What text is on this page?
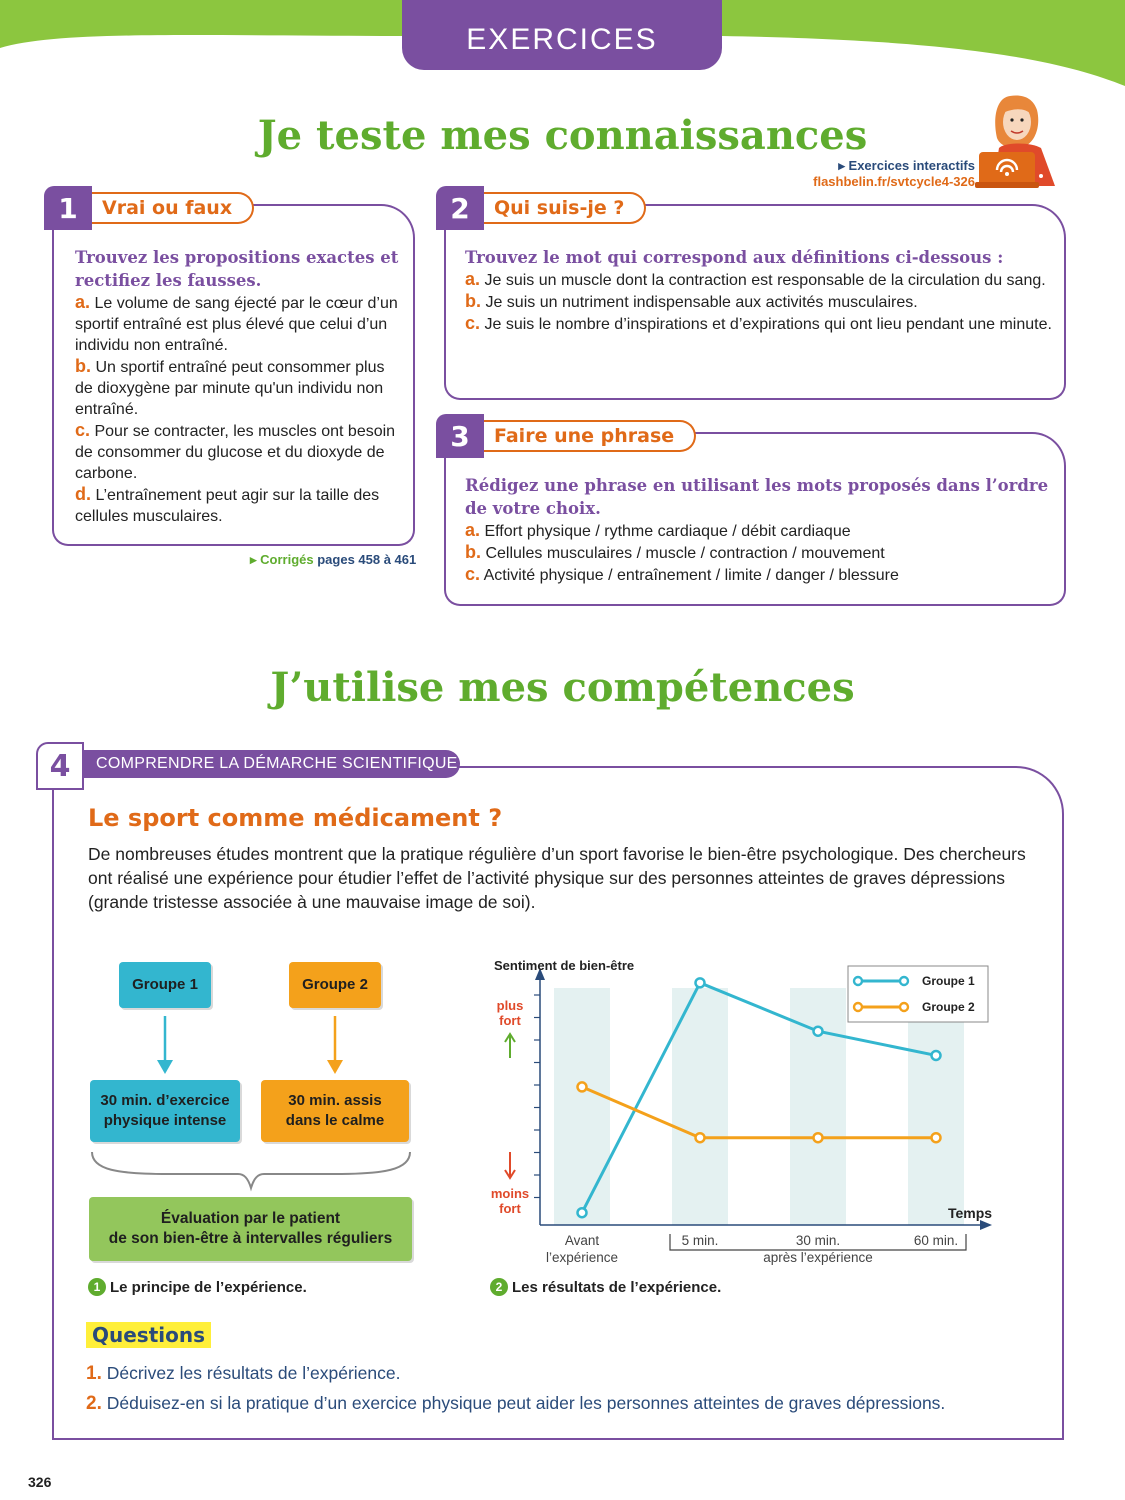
EXERCICES
Je teste mes connaissances
▸ Exercices interactifs
flashbelin.fr/svtcycle4-326
1	Vrai ou faux

Trouvez les propositions exactes et rectifiez les fausses.

a. Le volume de sang éjecté par le cœur d’un sportif entraîné est plus élevé que celui d’un individu non entraîné.

b. Un sportif entraîné peut consommer plus de dioxygène par minute qu'un individu non entraîné.

c. Pour se contracter, les muscles ont besoin de consommer du glucose et du dioxyde de carbone.

d. L’entraînement peut agir sur la taille des cellules musculaires.

▸ Corrigés pages 458 à 461
2	Qui suis-je ?

Trouvez le mot qui correspond aux définitions ci-dessous :

a. Je suis un muscle dont la contraction est responsable de la circulation du sang.

b. Je suis un nutriment indispensable aux activités musculaires.

c. Je suis le nombre d’inspirations et d’expirations qui ont lieu pendant une minute.

3	Faire une phrase

Rédigez une phrase en utilisant les mots proposés dans l’ordre de votre choix.

a. Effort physique / rythme cardiaque / débit cardiaque

b. Cellules musculaires / muscle / contraction / mouvement

c. Activité physique / entraînement / limite / danger / blessure

J’utilise mes compétences
COMPRENDRE LA DÉMARCHE SCIENTIFIQUE
4
Le sport comme médicament ?
De nombreuses études montrent que la pratique régulière d’un sport favorise le bien-être psychologique. Des chercheurs ont réalisé une expérience pour étudier l’effet de l’activité physique sur des personnes atteintes de graves dépressions (grande tristesse associée à une mauvaise image de soi).
Groupe 1	Groupe 2
30 min. d’exercice
physique intense
30 min. assis
dans le calme
Évaluation par le patient
de son bien-être à intervalles réguliers
1 Le principe de l’expérience.
Sentiment de bien-être
plus
fort
moins
fort	Temps
Avant
l’expérience
5 min.	30 min.	60 min.
après l’expérience
Groupe 1
Groupe 2
2 Les résultats de l’expérience.
Questions
1. Décrivez les résultats de l’expérience.
2. Déduisez-en si la pratique d’un exercice physique peut aider les personnes atteintes de graves dépressions.
326
